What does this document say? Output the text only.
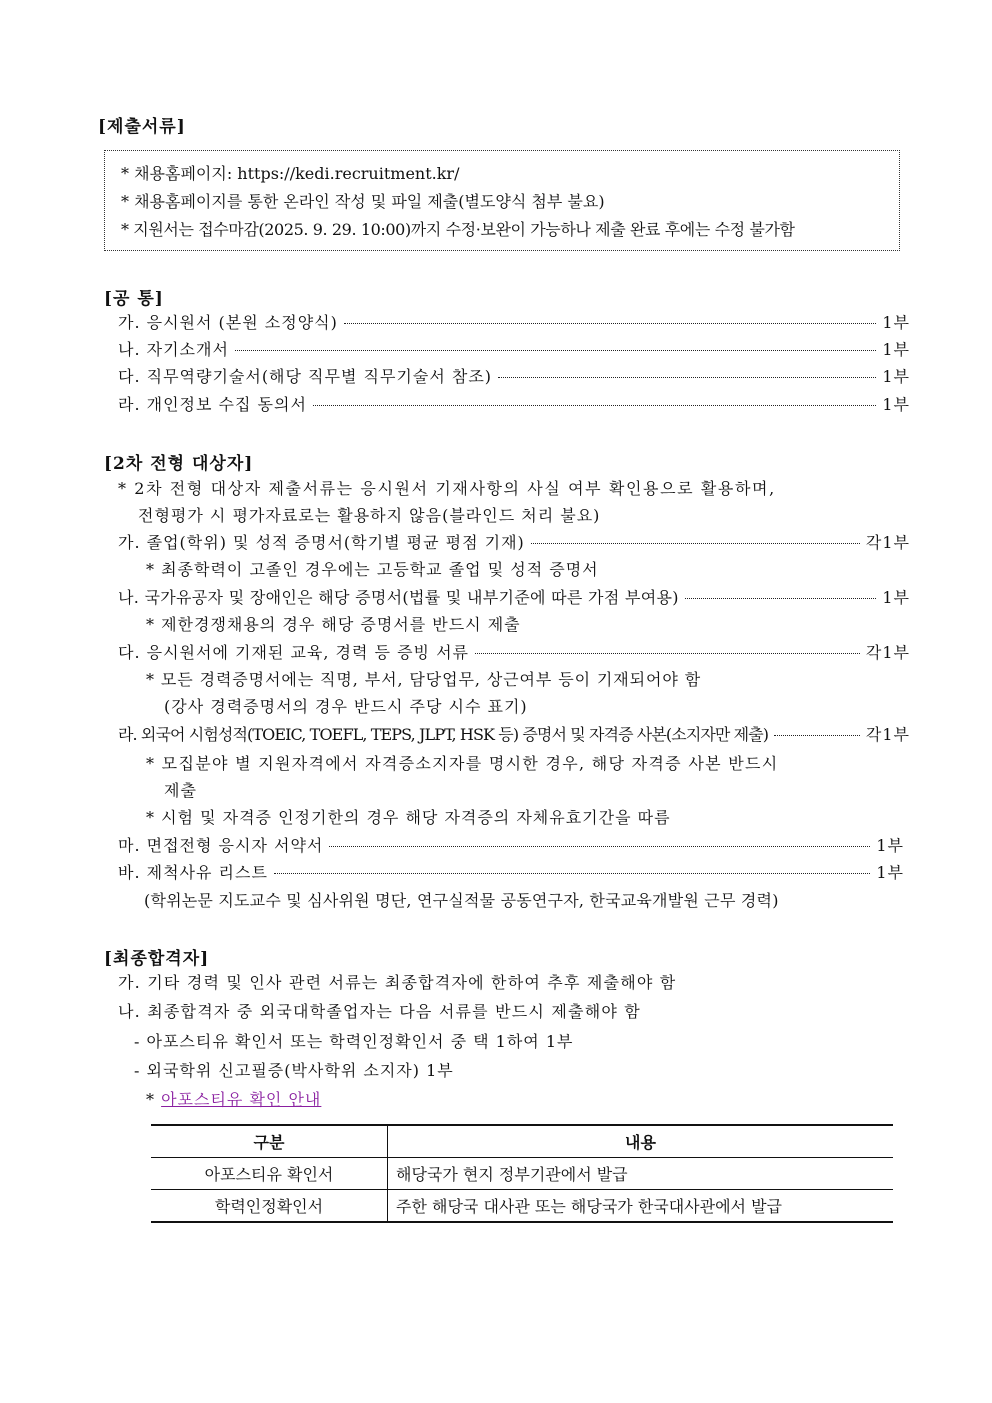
[제출서류]
* 채용홈페이지: https://kedi.recruitment.kr/
* 채용홈페이지를 통한 온라인 작성 및 파일 제출(별도양식 첨부 불요)
* 지원서는 접수마감(2025. 9. 29. 10:00)까지 수정·보완이 가능하나 제출 완료 후에는 수정 불가함
[공 통]
가. 응시원서 (본원 소정양식)	1부
나. 자기소개서	1부
다. 직무역량기술서(해당 직무별 직무기술서 참조)	1부
라. 개인정보 수집 동의서	1부
[2차 전형 대상자]
* 2차 전형 대상자 제출서류는 응시원서 기재사항의 사실 여부 확인용으로 활용하며,
전형평가 시 평가자료로는 활용하지 않음(블라인드 처리 불요)
가. 졸업(학위) 및 성적 증명서(학기별 평균 평점 기재)	각1부
* 최종학력이 고졸인 경우에는 고등학교 졸업 및 성적 증명서
나. 국가유공자 및 장애인은 해당 증명서(법률 및 내부기준에 따른 가점 부여용)	1부
* 제한경쟁채용의 경우 해당 증명서를 반드시 제출
다. 응시원서에 기재된 교육, 경력 등 증빙 서류	각1부
* 모든 경력증명서에는 직명, 부서, 담당업무, 상근여부 등이 기재되어야 함
(강사 경력증명서의 경우 반드시 주당 시수 표기)
라. 외국어 시험성적(TOEIC, TOEFL, TEPS, JLPT, HSK 등) 증명서 및 자격증 사본(소지자만 제출)	각1부
* 모집분야 별 지원자격에서 자격증소지자를 명시한 경우, 해당 자격증 사본 반드시
제출
* 시험 및 자격증 인정기한의 경우 해당 자격증의 자체유효기간을 따름
마. 면접전형 응시자 서약서	1부
바. 제척사유 리스트	1부
(학위논문 지도교수 및 심사위원 명단, 연구실적물 공동연구자, 한국교육개발원 근무 경력)
[최종합격자]
가. 기타 경력 및 인사 관련 서류는 최종합격자에 한하여 추후 제출해야 함
나. 최종합격자 중 외국대학졸업자는 다음 서류를 반드시 제출해야 함
- 아포스티유 확인서 또는 학력인정확인서 중 택 1하여 1부
- 외국학위 신고필증(박사학위 소지자) 1부
* 아포스티유 확인 안내
구분	내용
아포스티유 확인서	해당국가 현지 정부기관에서 발급
학력인정확인서	주한 해당국 대사관 또는 해당국가 한국대사관에서 발급
